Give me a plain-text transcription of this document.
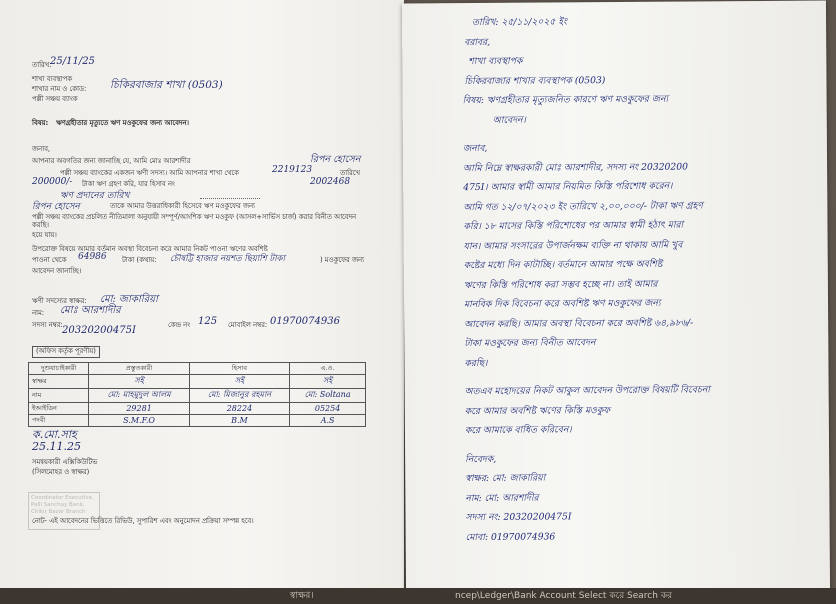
তারিখ:
25/11/25
শাখা ব্যবস্থাপক
শাখার নাম ও কোড: চিকিরবাজার শাখা (0503)
পল্লী সঞ্চয় ব্যাংক
বিষয়: ঋণগ্রহীতার মৃত্যুতে ঋণ মওকুফের জন্য আবেদন।
জনাব,
আপনার অবগতির জন্য জানাচ্ছি যে, আমি মোঃ আরশাদীর	রিপন হোসেন
পল্লী সঞ্চয় ব্যাংকের একজন ঋণী সদস্য। আমি আপনার শাখা থেকে	2219123	তারিখে
200000/- টাকা ঋণ গ্রহণ করি, যার হিসাব নং	2002468
ঋণ প্রদানের তারিখ
রিপন হোসেন	তাকে আমার উত্তরাধিকারী হিসেবে ঋণ মওকুফের জন্য
পল্লী সঞ্চয় ব্যাংকের প্রচলিত নীতিমালা অনুযায়ী সম্পূর্ণ/আংশিক ঋণ মওকুফ (আসল+সার্ভিস চার্জ) করার বিনীত আবেদন করছি।
হয়ে যায়।
উপরোক্ত বিষয়ে আমার বর্তমান অবস্থা বিবেচনা করে আমার নিকট পাওনা ঋণের অবশিষ্ট
পাওনা থেকে 64986 টাকা (কথায়: চৌষট্টি হাজার নয়শত ছিয়াশি টাকা	) মওকুফের জন্য
আবেদন জানাচ্ছি।
ঋণী সদস্যের স্বাক্ষর: মো: জাকারিয়া
নাম: মোঃ আরশাদীর
সদস্য নম্বর: 20320200475I	কেন্দ্র নং 125 মোবাইল নম্বর: 01970074936
(অফিস কর্তৃক পূরণীয়)
দুশুযাচাইকারী	প্রস্তুতকারী	হিসাব	এ.ও.
স্বাক্ষর	সই	সই	সই
নাম	মো: মাহমুদুল আলম	মো: মিজানুর রহমান	মো: Soltana
ইআইডিন	29281	28224	05254
পদবী	S.M.F.O	B.M	A.S
ক.মো.সাহ
25.11.25
সমন্বয়কারী এক্সিকিউটিভ
(সিলমোহর ও স্বাক্ষর)
Coordinator Executive, Palli Sanchay Bank, Chikir Bazar Branch
নোট- এই আবেদনের ভিত্তিতে রিভিউ, সুপারিশ এবং অনুমোদন প্রক্রিয়া সম্পন্ন হবে।
তারিখ: ২৫/১১/২০২৫ ইং
বরাবর,
শাখা ব্যবস্থাপক
চিকিরবাজার শাখার ব্যবস্থাপক (0503)
বিষয়: ঋণগ্রহীতার মৃত্যুজনিত কারণে ঋণ মওকুফের জন্য
আবেদন।
জনাব,
আমি নিম্নে স্বাক্ষরকারী মোঃ আরশাদীর, সদস্য নং 20320200
475I। আমার স্বামী আমার নিয়মিত কিস্তি পরিশোধ করেন।
আমি গত ১২/০৭/২০২৩ ইং তারিখে ২,০০,০০০/- টাকা ঋণ গ্রহণ
করি। ১৮ মাসের কিস্তি পরিশোধের পর আমার স্বামী হঠাৎ মারা
যান। আমার সংসারের উপার্জনক্ষম ব্যক্তি না থাকায় আমি খুব
কষ্টের মধ্যে দিন কাটাচ্ছি। বর্তমানে আমার পক্ষে অবশিষ্ট
ঋণের কিস্তি পরিশোধ করা সম্ভব হচ্ছে না। তাই আমার
মানবিক দিক বিবেচনা করে অবশিষ্ট ঋণ মওকুফের জন্য
আবেদন করছি। আমার অবস্থা বিবেচনা করে অবশিষ্ট ৬৪,৯৮৬/-
টাকা মওকুফের জন্য বিনীত আবেদন
করছি।
অতএব মহোদয়ের নিকট আকুল আবেদন উপরোক্ত বিষয়টি বিবেচনা
করে আমার অবশিষ্ট ঋণের কিস্তি মওকুফ
করে আমাকে বাধিত করিবেন।
নিবেদক,
স্বাক্ষর: মো: জাকারিয়া
নাম: মো: আরশাদীর
সদস্য নং: 20320200475I
মোবা: 01970074936
স্বাক্ষর।	ncep\Ledger\Bank Account Select করে Search কর
